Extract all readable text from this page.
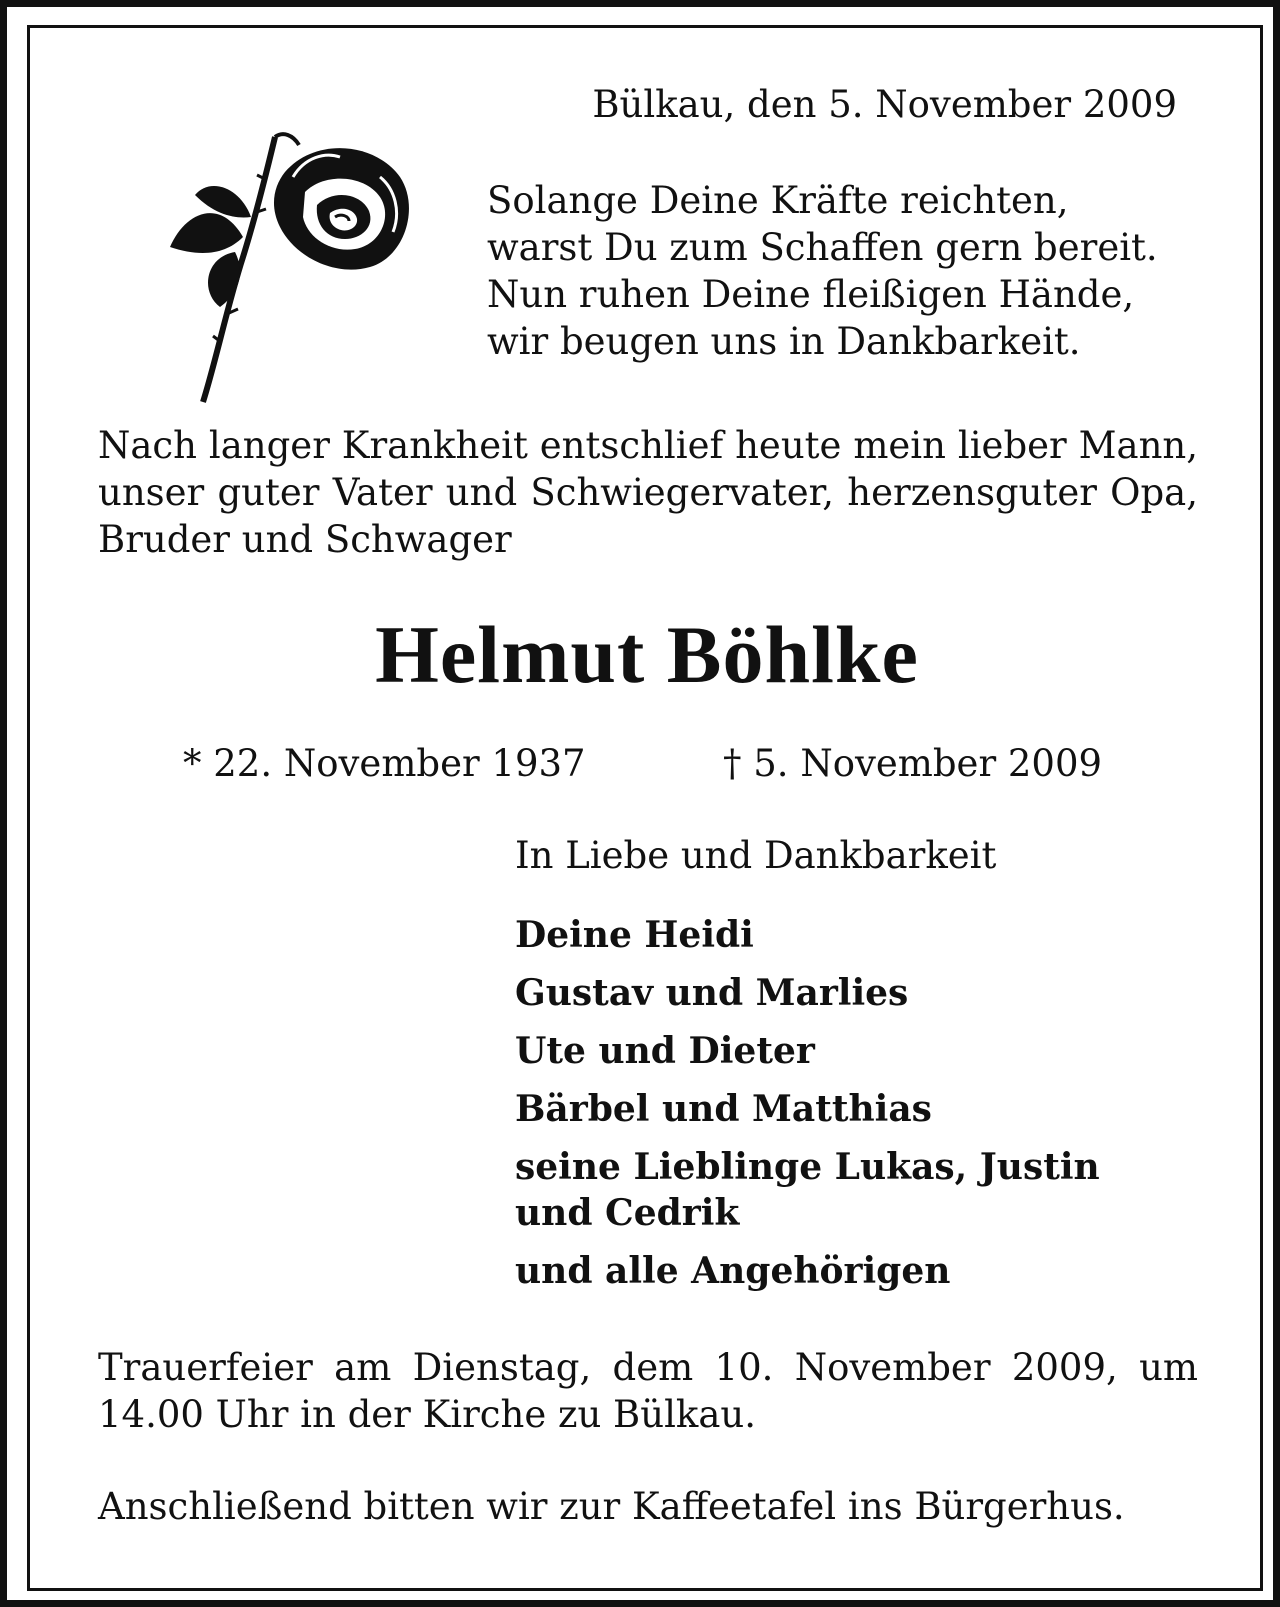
Bülkau, den 5. November 2009
Solange Deine Kräfte reichten,
warst Du zum Schaffen gern bereit.
Nun ruhen Deine fleißigen Hände,
wir beugen uns in Dankbarkeit.
Nach langer Krankheit entschlief heute mein lieber Mann, unser guter Vater und Schwiegervater, herzensguter Opa, Bruder und Schwager
Helmut Böhlke
* 22. November 1937	† 5. November 2009
In Liebe und Dankbarkeit
Deine Heidi
Gustav und Marlies
Ute und Dieter
Bärbel und Matthias
seine Lieblinge Lukas, Justin
und Cedrik
und alle Angehörigen
Trauerfeier am Dienstag, dem 10. November 2009, um 14.00 Uhr in der Kirche zu Bülkau.
Anschließend bitten wir zur Kaffeetafel ins Bürgerhus.
